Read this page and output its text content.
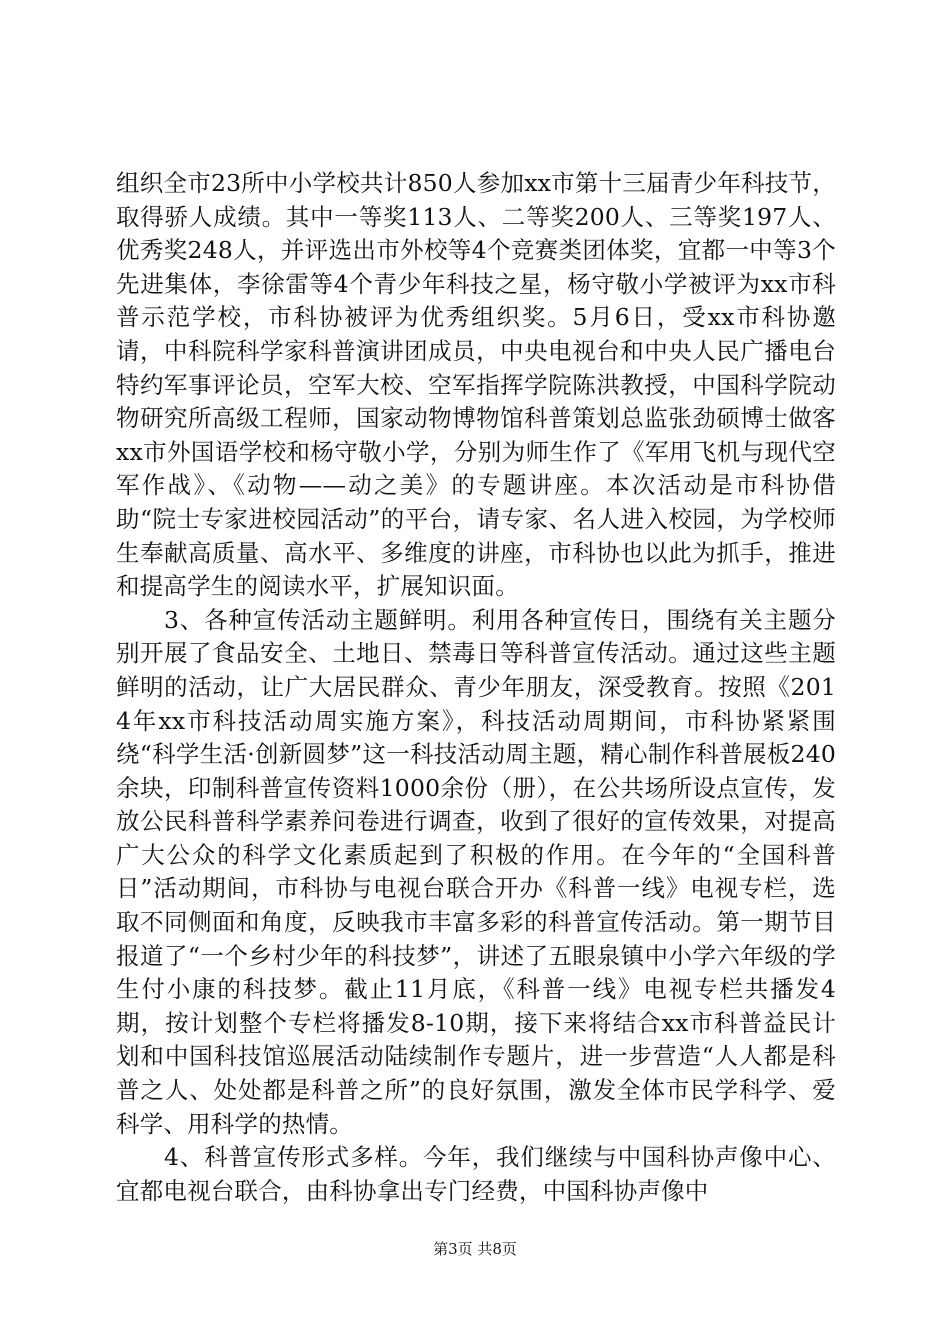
组织全市23所中小学校共计850人参加xx市第十三届青少年科技节，取得骄人成绩。其中一等奖113人、二等奖200人、三等奖197人、优秀奖248人，并评选出市外校等4个竞赛类团体奖，宜都一中等3个先进集体，李徐雷等4个青少年科技之星，杨守敬小学被评为xx市科普示范学校，市科协被评为优秀组织奖。5月6日，受xx市科协邀请，中科院科学家科普演讲团成员，中央电视台和中央人民广播电台特约军事评论员，空军大校、空军指挥学院陈洪教授，中国科学院动物研究所高级工程师，国家动物博物馆科普策划总监张劲硕博士做客xx市外国语学校和杨守敬小学，分别为师生作了《军用飞机与现代空军作战》、《动物——动之美》的专题讲座。本次活动是市科协借助“院士专家进校园活动”的平台，请专家、名人进入校园，为学校师生奉献高质量、高水平、多维度的讲座，市科协也以此为抓手，推进和提高学生的阅读水平，扩展知识面。

3、各种宣传活动主题鲜明。利用各种宣传日，围绕有关主题分别开展了食品安全、土地日、禁毒日等科普宣传活动。通过这些主题鲜明的活动，让广大居民群众、青少年朋友，深受教育。按照《2014年xx市科技活动周实施方案》，科技活动周期间，市科协紧紧围绕“科学生活·创新圆梦”这一科技活动周主题，精心制作科普展板240余块，印制科普宣传资料1000余份（册），在公共场所设点宣传，发放公民科普科学素养问卷进行调查，收到了很好的宣传效果，对提高广大公众的科学文化素质起到了积极的作用。在今年的“全国科普日”活动期间，市科协与电视台联合开办《科普一线》电视专栏，选取不同侧面和角度，反映我市丰富多彩的科普宣传活动。第一期节目报道了“一个乡村少年的科技梦”，讲述了五眼泉镇中小学六年级的学生付小康的科技梦。截止11月底，《科普一线》电视专栏共播发4期，按计划整个专栏将播发8-10期，接下来将结合xx市科普益民计划和中国科技馆巡展活动陆续制作专题片，进一步营造“人人都是科普之人、处处都是科普之所”的良好氛围，激发全体市民学科学、爱科学、用科学的热情。

4、科普宣传形式多样。今年，我们继续与中国科协声像中心、宜都电视台联合，由科协拿出专门经费，中国科协声像中

第3页 共8页
